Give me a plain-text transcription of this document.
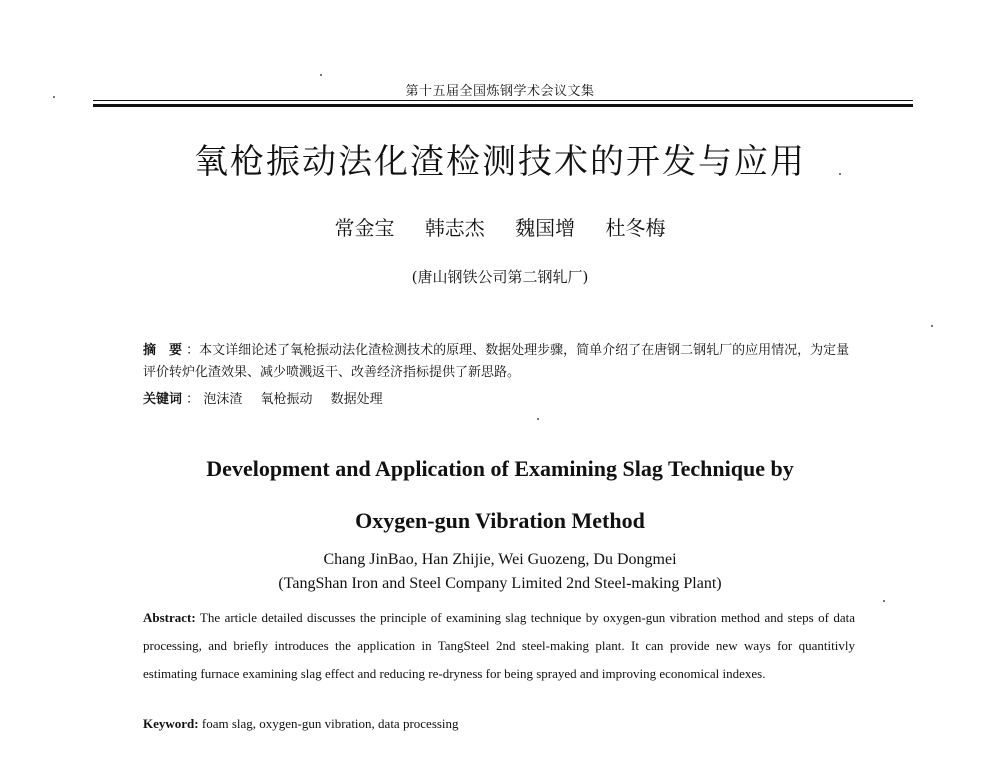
第十五届全国炼钢学术会议文集
氧枪振动法化渣检测技术的开发与应用
常金宝 韩志杰 魏国增 杜冬梅
(唐山钢铁公司第二钢轧厂)
摘　要 ：本文详细论述了氧枪振动法化渣检测技术的原理、数据处理步骤，简单介绍了在唐钢二钢轧厂的应用情况，为定量评价转炉化渣效果、减少喷溅返干、改善经济指标提供了新思路。
关键词 ： 泡沫渣 氧枪振动 数据处理
Development and Application of Examining Slag Technique by
Oxygen-gun Vibration Method
Chang JinBao, Han Zhijie, Wei Guozeng, Du Dongmei
(TangShan Iron and Steel Company Limited 2nd Steel-making Plant)
Abstract: The article detailed discusses the principle of examining slag technique by oxygen-gun vibration method and steps of data processing, and briefly introduces the application in TangSteel 2nd steel-making plant. It can provide new ways for quantitivly estimating furnace examining slag effect and reducing re-dryness for being sprayed and improving economical indexes.
Keyword: foam slag, oxygen-gun vibration, data processing
